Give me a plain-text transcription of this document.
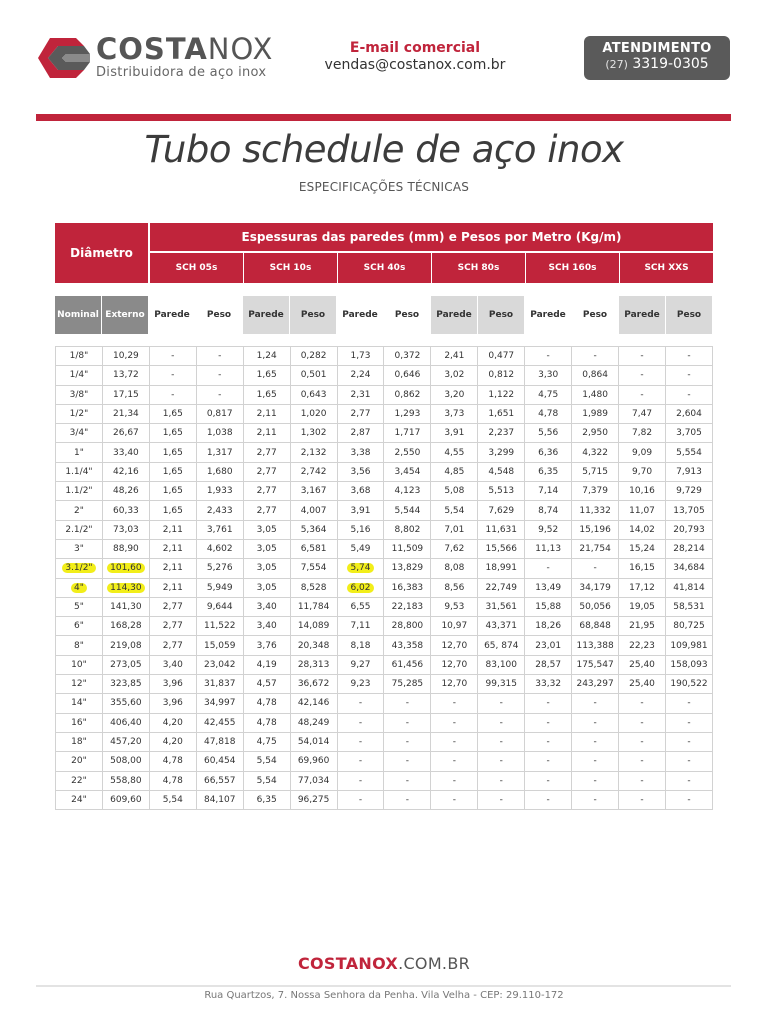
COSTANOX
Distribuidora de aço inox
E-mail comercial
vendas@costanox.com.br
ATENDIMENTO
(27) 3319-0305
Tubo schedule de aço inox
ESPECIFICAÇÕES TÉCNICAS
Diâmetro
Espessuras das paredes (mm) e Pesos por Metro (Kg/m)
SCH 05s	SCH 10s	SCH 40s	SCH 80s	SCH 160s	SCH XXS
Nominal Externo	Parede	Peso	Parede	Peso	Parede	Peso	Parede	Peso	Parede	Peso	Parede	Peso
1/8"	10,29	-	-	1,24	0,282	1,73	0,372	2,41	0,477	-	-	-	-
1/4"	13,72	-	-	1,65	0,501	2,24	0,646	3,02	0,812	3,30	0,864	-	-
3/8"	17,15	-	-	1,65	0,643	2,31	0,862	3,20	1,122	4,75	1,480	-	-
1/2"	21,34	1,65	0,817	2,11	1,020	2,77	1,293	3,73	1,651	4,78	1,989	7,47	2,604
3/4"	26,67	1,65	1,038	2,11	1,302	2,87	1,717	3,91	2,237	5,56	2,950	7,82	3,705
1"	33,40	1,65	1,317	2,77	2,132	3,38	2,550	4,55	3,299	6,36	4,322	9,09	5,554
1.1/4"	42,16	1,65	1,680	2,77	2,742	3,56	3,454	4,85	4,548	6,35	5,715	9,70	7,913
1.1/2"	48,26	1,65	1,933	2,77	3,167	3,68	4,123	5,08	5,513	7,14	7,379	10,16	9,729
2"	60,33	1,65	2,433	2,77	4,007	3,91	5,544	5,54	7,629	8,74	11,332	11,07	13,705
2.1/2"	73,03	2,11	3,761	3,05	5,364	5,16	8,802	7,01	11,631	9,52	15,196	14,02	20,793
3"	88,90	2,11	4,602	3,05	6,581	5,49	11,509	7,62	15,566	11,13	21,754	15,24	28,214
3.1/2"	101,60	2,11	5,276	3,05	7,554	5,74	13,829	8,08	18,991	-	-	16,15	34,684
4"	114,30	2,11	5,949	3,05	8,528	6,02	16,383	8,56	22,749	13,49	34,179	17,12	41,814
5"	141,30	2,77	9,644	3,40	11,784	6,55	22,183	9,53	31,561	15,88	50,056	19,05	58,531
6"	168,28	2,77	11,522	3,40	14,089	7,11	28,800	10,97	43,371	18,26	68,848	21,95	80,725
8"	219,08	2,77	15,059	3,76	20,348	8,18	43,358	12,70	65, 874	23,01	113,388	22,23	109,981
10"	273,05	3,40	23,042	4,19	28,313	9,27	61,456	12,70	83,100	28,57	175,547	25,40	158,093
12"	323,85	3,96	31,837	4,57	36,672	9,23	75,285	12,70	99,315	33,32	243,297	25,40	190,522
14"	355,60	3,96	34,997	4,78	42,146	-	-	-	-	-	-	-	-
16"	406,40	4,20	42,455	4,78	48,249	-	-	-	-	-	-	-	-
18"	457,20	4,20	47,818	4,75	54,014	-	-	-	-	-	-	-	-
20"	508,00	4,78	60,454	5,54	69,960	-	-	-	-	-	-	-	-
22"	558,80	4,78	66,557	5,54	77,034	-	-	-	-	-	-	-	-
24"	609,60	5,54	84,107	6,35	96,275	-	-	-	-	-	-	-	-
COSTANOX.COM.BR
Rua Quartzos, 7. Nossa Senhora da Penha. Vila Velha - CEP: 29.110-172
